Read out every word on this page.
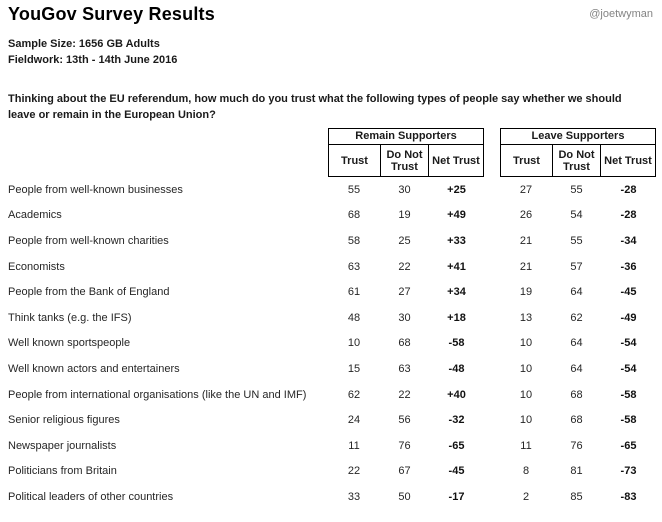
YouGov Survey Results	@joetwyman
Sample Size: 1656 GB Adults
Fieldwork: 13th - 14th June 2016
Thinking about the EU referendum, how much do you trust what the following types of people say whether we should leave or remain in the European Union?
Remain Supporters
Trust	Do Not Trust	Net Trust
Leave Supporters
Trust	Do Not Trust	Net Trust
People from well-known businesses	55	30	+25	27	55	-28
Academics	68	19	+49	26	54	-28
People from well-known charities	58	25	+33	21	55	-34
Economists	63	22	+41	21	57	-36
People from the Bank of England	61	27	+34	19	64	-45
Think tanks (e.g. the IFS)	48	30	+18	13	62	-49
Well known sportspeople	10	68	-58	10	64	-54
Well known actors and entertainers	15	63	-48	10	64	-54
People from international organisations (like the UN and IMF)	62	22	+40	10	68	-58
Senior religious figures	24	56	-32	10	68	-58
Newspaper journalists	11	76	-65	11	76	-65
Politicians from Britain	22	67	-45	8	81	-73
Political leaders of other countries	33	50	-17	2	85	-83
